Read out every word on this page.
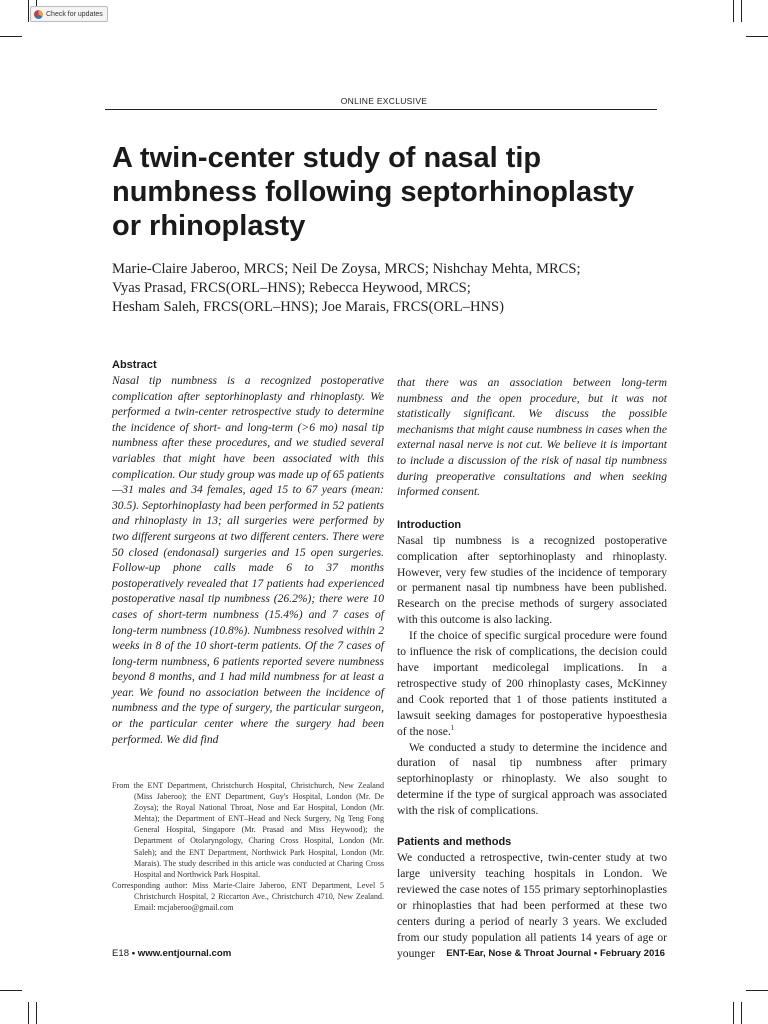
Check for updates
ONLINE EXCLUSIVE
A twin-center study of nasal tip
numbness following septorhinoplasty
or rhinoplasty
Marie-Claire Jaberoo, MRCS; Neil De Zoysa, MRCS; Nishchay Mehta, MRCS;
Vyas Prasad, FRCS(ORL–HNS); Rebecca Heywood, MRCS;
Hesham Saleh, FRCS(ORL–HNS); Joe Marais, FRCS(ORL–HNS)
Abstract

Nasal tip numbness is a recognized postoperative complication after septorhinoplasty and rhinoplasty. We performed a twin-center retrospective study to determine the incidence of short- and long-term (>6 mo) nasal tip numbness after these procedures, and we studied several variables that might have been associated with this complication. Our study group was made up of 65 patients—31 males and 34 females, aged 15 to 67 years (mean: 30.5). Septorhinoplasty had been performed in 52 patients and rhinoplasty in 13; all surgeries were performed by two different surgeons at two different centers. There were 50 closed (endonasal) surgeries and 15 open surgeries. Follow-up phone calls made 6 to 37 months postoperatively revealed that 17 patients had experienced postoperative nasal tip numbness (26.2%); there were 10 cases of short-term numbness (15.4%) and 7 cases of long-term numbness (10.8%). Numbness resolved within 2 weeks in 8 of the 10 short-term patients. Of the 7 cases of long-term numbness, 6 patients reported severe numbness beyond 8 months, and 1 had mild numbness for at least a year. We found no association between the incidence of numbness and the type of surgery, the particular surgeon, or the particular center where the surgery had been performed. We did find

that there was an association between long-term numbness and the open procedure, but it was not statistically significant. We discuss the possible mechanisms that might cause numbness in cases when the external nasal nerve is not cut. We believe it is important to include a discussion of the risk of nasal tip numbness during preoperative consultations and when seeking informed consent.

Introduction

Nasal tip numbness is a recognized postoperative complication after septorhinoplasty and rhinoplasty. However, very few studies of the incidence of temporary or permanent nasal tip numbness have been published. Research on the precise methods of surgery associated with this outcome is also lacking.

If the choice of specific surgical procedure were found to influence the risk of complications, the decision could have important medicolegal implications. In a retrospective study of 200 rhinoplasty cases, McKinney and Cook reported that 1 of those patients instituted a lawsuit seeking damages for postoperative hypoesthesia of the nose.$^1$

We conducted a study to determine the incidence and duration of nasal tip numbness after primary septorhinoplasty or rhinoplasty. We also sought to determine if the type of surgical approach was associated with the risk of complications.

Patients and methods

We conducted a retrospective, twin-center study at two large university teaching hospitals in London. We reviewed the case notes of 155 primary septorhinoplasties or rhinoplasties that had been performed at these two centers during a period of nearly 3 years. We excluded from our study population all patients 14 years of age or younger

From the ENT Department, Christchurch Hospital, Christchurch, New Zealand (Miss Jaberoo); the ENT Department, Guy's Hospital, London (Mr. De Zoysa); the Royal National Throat, Nose and Ear Hospital, London (Mr. Mehta); the Department of ENT–Head and Neck Surgery, Ng Teng Fong General Hospital, Singapore (Mr. Prasad and Miss Heywood); the Department of Otolaryngology, Charing Cross Hospital, London (Mr. Saleh); and the ENT Department, Northwick Park Hospital, London (Mr. Marais). The study described in this article was conducted at Charing Cross Hospital and Northwick Park Hospital.

Corresponding author: Miss Marie-Claire Jaberoo, ENT Department, Level 5 Christchurch Hospital, 2 Riccarton Ave., Christchurch 4710, New Zealand. Email: mcjaberoo@gmail.com

E18 • www.entjournal.com	ENT-Ear, Nose & Throat Journal • February 2016
